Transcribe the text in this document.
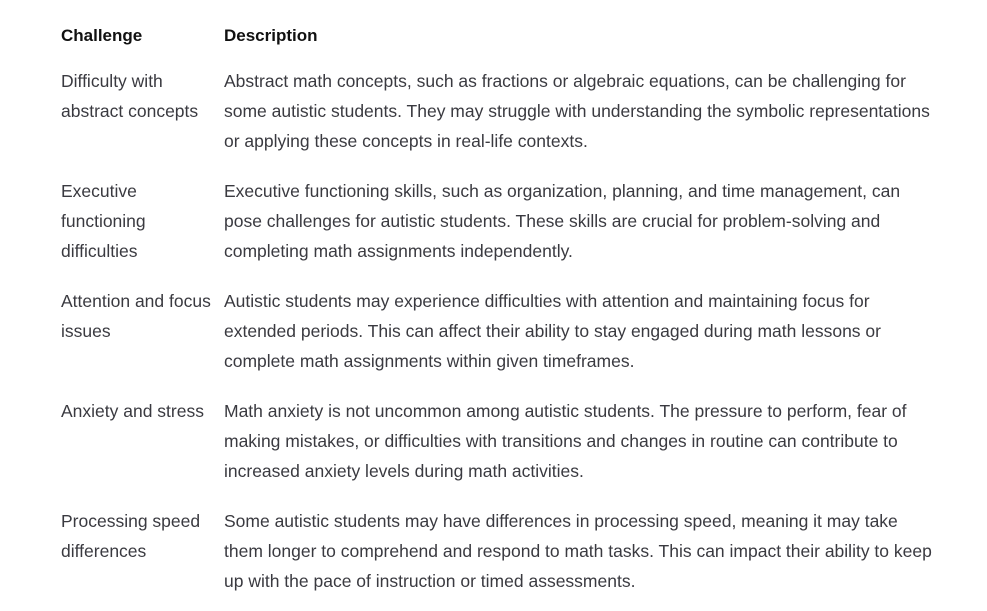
Challenge	Description
Difficulty with abstract concepts	Abstract math concepts, such as fractions or algebraic equations, can be challenging for some autistic students. They may struggle with understanding the symbolic representations or applying these concepts in real-life contexts.
Executive functioning difficulties	Executive functioning skills, such as organization, planning, and time management, can pose challenges for autistic students. These skills are crucial for problem-solving and completing math assignments independently.
Attention and focus issues	Autistic students may experience difficulties with attention and maintaining focus for extended periods. This can affect their ability to stay engaged during math lessons or complete math assignments within given timeframes.
Anxiety and stress	Math anxiety is not uncommon among autistic students. The pressure to perform, fear of making mistakes, or difficulties with transitions and changes in routine can contribute to increased anxiety levels during math activities.
Processing speed differences	Some autistic students may have differences in processing speed, meaning it may take them longer to comprehend and respond to math tasks. This can impact their ability to keep up with the pace of instruction or timed assessments.
